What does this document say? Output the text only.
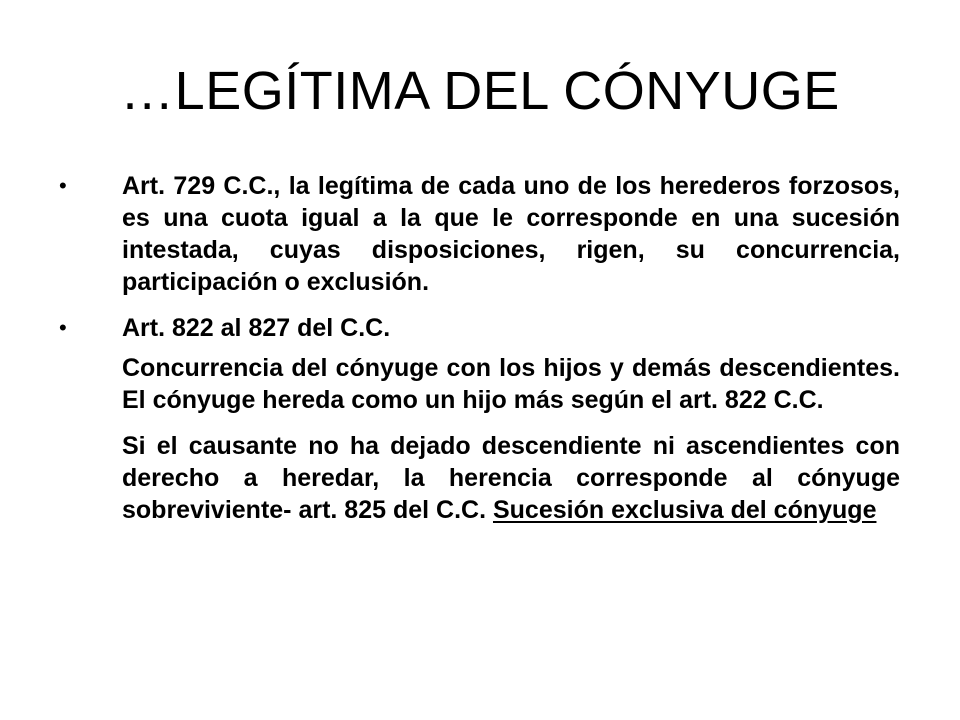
…LEGÍTIMA DEL CÓNYUGE

• Art. 729 C.C., la legítima de cada uno de los herederos forzosos, es una cuota igual a la que le corresponde en una sucesión intestada, cuyas disposiciones, rigen, su concurrencia, participación o exclusión.

• Art. 822 al 827 del C.C.

Concurrencia del cónyuge con los hijos y demás descendientes. El cónyuge hereda como un hijo más según el art. 822 C.C.

Si el causante no ha dejado descendiente ni ascendientes con derecho a heredar, la herencia corresponde al cónyuge sobreviviente- art. 825 del C.C. Sucesión exclusiva del cónyuge
